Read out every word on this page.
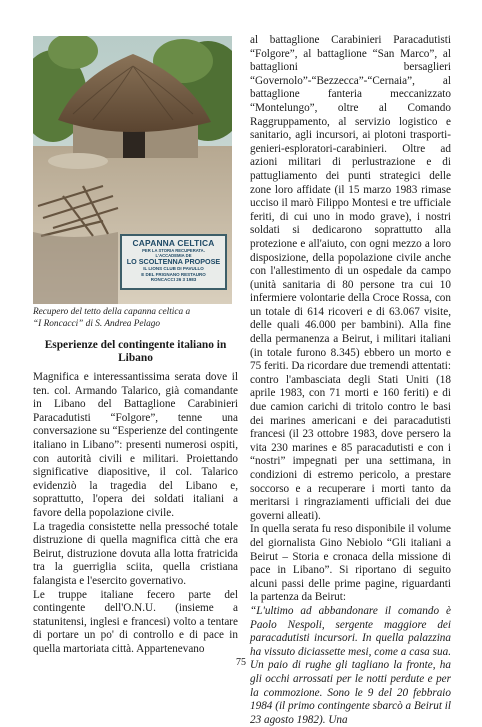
CAPANNA CELTICA
PER LA STORIA RECUPERATA.
L'ACCADEMIA DE
LO SCOLTENNA PROPOSE
IL LIONS CLUB DI PAVULLO
E DEL FRIGNANO RESTAURO
RONCACCI 26 3 1983
Recupero del tetto della capanna celtica a
“I Roncacci” di S. Andrea Pelago
Esperienze del contingente italiano in Libano

Magnifica e interessantissima serata dove il ten. col. Armando Talarico, già comandante in Libano del Battaglione Carabinieri Paracadutisti “Folgore”, tenne una conversazione su “Esperienze del contingente italiano in Libano”: presenti numerosi ospiti, con autorità civili e militari. Proiettando significative diapositive, il col. Talarico evidenziò la tragedia del Libano e, soprattutto, l'opera dei soldati italiani a favore della popolazione civile.

La tragedia consistette nella pressoché totale distruzione di quella magnifica città che era Beirut, distruzione dovuta alla lotta fratricida tra la guerriglia sciita, quella cristiana falangista e l'esercito governativo.

Le truppe italiane fecero parte del contingente dell'O.N.U. (insieme a statunitensi, inglesi e francesi) volto a tentare di portare un po' di controllo e di pace in quella martoriata città. Appartenevano

al battaglione Carabinieri Paracadutisti “Folgore”, al battaglione “San Marco”, al battaglioni bersaglieri “Governolo”-“Bezzecca”-“Cernaia”, al battaglione fanteria meccanizzato “Montelungo”, oltre al Comando Raggruppamento, al servizio logistico e sanitario, agli incursori, ai plotoni trasporti-genieri-esploratori-carabinieri. Oltre ad azioni militari di perlustrazione e di pattugliamento dei punti strategici delle zone loro affidate (il 15 marzo 1983 rimase ucciso il marò Filippo Montesi e tre ufficiale feriti, di cui uno in modo grave), i nostri soldati si dedicarono soprattutto alla protezione e all'aiuto, con ogni mezzo a loro disposizione, della popolazione civile anche con l'allestimento di un ospedale da campo (unità sanitaria di 80 persone tra cui 10 infermiere volontarie della Croce Rossa, con un totale di 614 ricoveri e di 63.067 visite, delle quali 46.000 per bambini). Alla fine della permanenza a Beirut, i militari italiani (in totale furono 8.345) ebbero un morto e 75 feriti. Da ricordare due tremendi attentati: contro l'ambasciata degli Stati Uniti (18 aprile 1983, con 71 morti e 160 feriti) e di due camion carichi di tritolo contro le basi dei marines americani e dei paracadutisti francesi (il 23 ottobre 1983, dove persero la vita 230 marines e 85 paracadutisti e con i “nostri” impegnati per una settimana, in condizioni di estremo pericolo, a prestare soccorso e a recuperare i morti tanto da meritarsi i ringraziamenti ufficiali dei due governi alleati).

In quella serata fu reso disponibile il volume del giornalista Gino Nebiolo “Gli italiani a Beirut – Storia e cronaca della missione di pace in Libano”. Si riportano di seguito alcuni passi delle prime pagine, riguardanti la partenza da Beirut:

“L'ultimo ad abbandonare il comando è Paolo Nespoli, sergente maggiore dei paracadutisti incursori. In quella palazzina ha vissuto diciassette mesi, come a casa sua. Un paio di rughe gli tagliano la fronte, ha gli occhi arrossati per le notti perdute e per la commozione. Sono le 9 del 20 febbraio 1984 (il primo contingente sbarcò a Beirut il 23 agosto 1982). Una

75
